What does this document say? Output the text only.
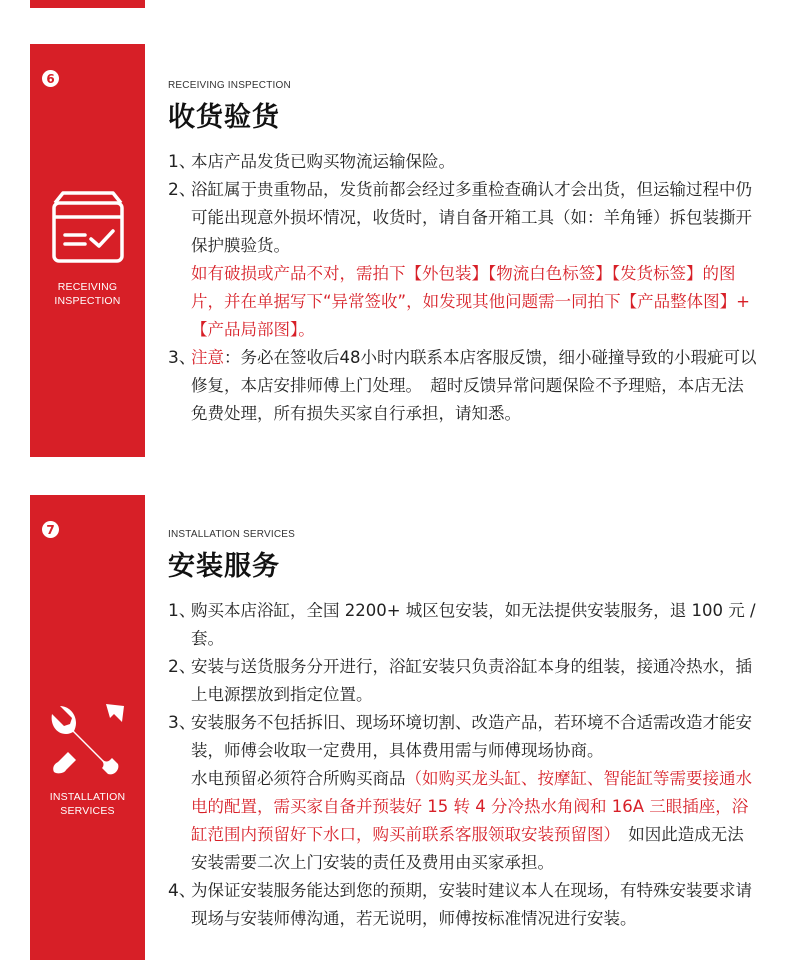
6
RECEIVING
INSPECTION
RECEIVING INSPECTION
收货验货
1、
本店产品发货已购买物流运输保险。
2、
浴缸属于贵重物品，发货前都会经过多重检查确认才会出货，但运输过程中仍可能出现意外损坏情况，收货时，请自备开箱工具（如：羊角锤）拆包装撕开保护膜验货。
如有破损或产品不对，需拍下【外包装】【物流白色标签】【发货标签】的图片，并在单据写下“异常签收”，如发现其他问题需一同拍下【产品整体图】+【产品局部图】。
3、
注意：务必在签收后48小时内联系本店客服反馈，细小碰撞导致的小瑕疵可以修复，本店安排师傅上门处理。　超时反馈异常问题保险不予理赔，本店无法免费处理，所有损失买家自行承担，请知悉。
7
INSTALLATION
SERVICES
INSTALLATION SERVICES
安装服务
1、
购买本店浴缸，全国 2200+ 城区包安装，如无法提供安装服务，退 100 元 / 套。
2、
安装与送货服务分开进行，浴缸安装只负责浴缸本身的组装，接通冷热水，插上电源摆放到指定位置。
3、
安装服务不包括拆旧、现场环境切割、改造产品，若环境不合适需改造才能安装，师傅会收取一定费用，具体费用需与师傅现场协商。
水电预留必须符合所购买商品（如购买龙头缸、按摩缸、智能缸等需要接通水电的配置，需买家自备并预装好 15 转 4 分冷热水角阀和 16A 三眼插座，浴缸范围内预留好下水口，购买前联系客服领取安装预留图）　如因此造成无法安装需要二次上门安装的责任及费用由买家承担。
4、
为保证安装服务能达到您的预期，安装时建议本人在现场，有特殊安装要求请现场与安装师傅沟通，若无说明，师傅按标准情况进行安装。
